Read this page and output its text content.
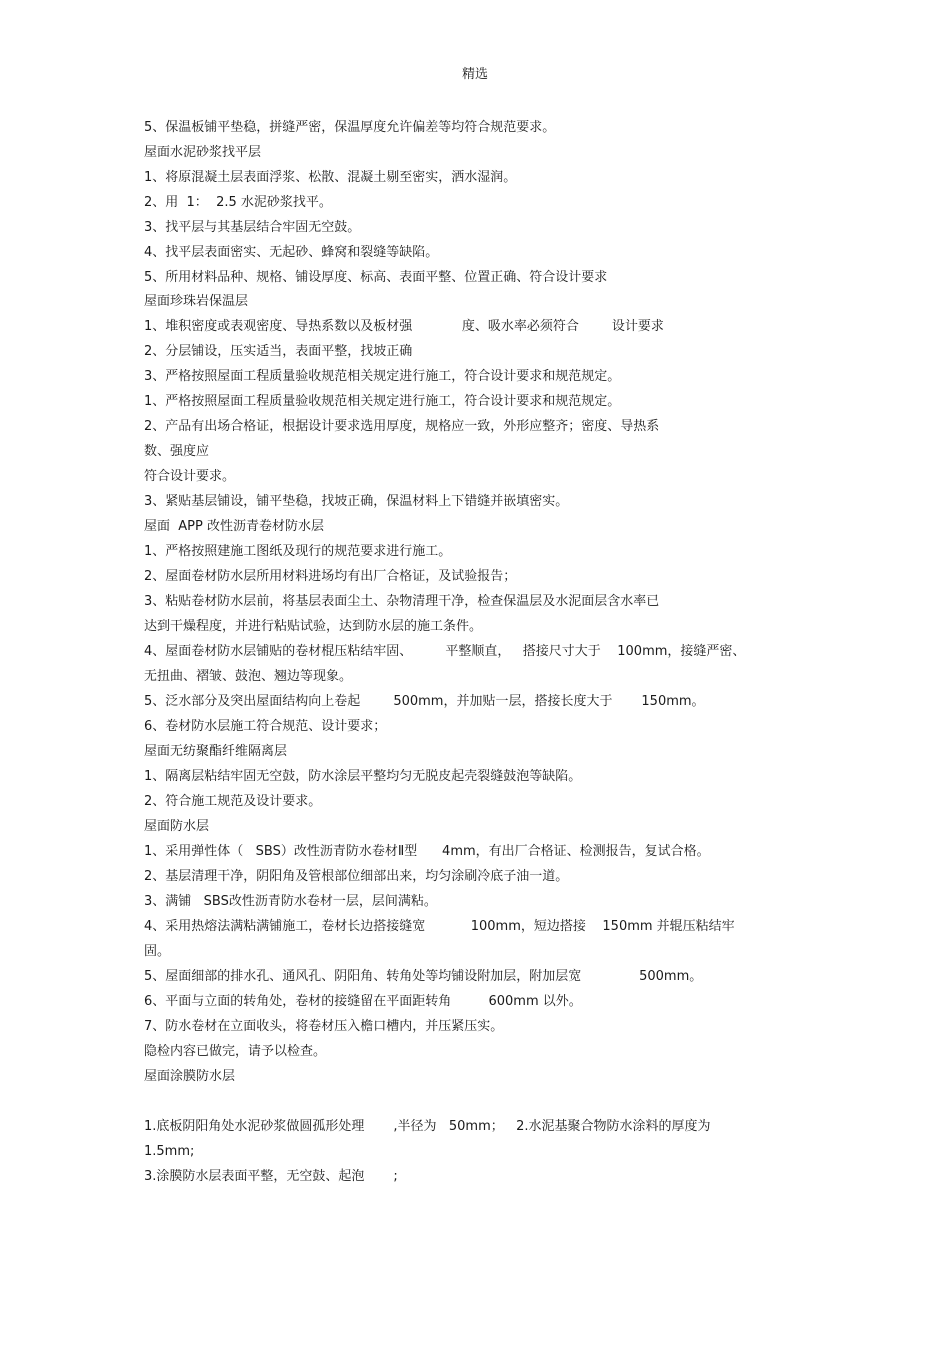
精选
5、保温板铺平垫稳，拼缝严密，保温厚度允许偏差等均符合规范要求。
屋面水泥砂浆找平层
1、将原混凝土层表面浮浆、松散、混凝土剔至密实，洒水湿润。
2、用  1：  2.5 水泥砂浆找平。
3、找平层与其基层结合牢固无空鼓。
4、找平层表面密实、无起砂、蜂窝和裂缝等缺陷。
5、所用材料品种、规格、铺设厚度、标高、表面平整、位置正确、符合设计要求
屋面珍珠岩保温层
1、堆积密度或表观密度、导热系数以及板材强            度、吸水率必须符合        设计要求
2、分层铺设，压实适当，表面平整，找坡正确
3、严格按照屋面工程质量验收规范相关规定进行施工，符合设计要求和规范规定。
1、严格按照屋面工程质量验收规范相关规定进行施工，符合设计要求和规范规定。
2、产品有出场合格证，根据设计要求选用厚度，规格应一致，外形应整齐；密度、导热系
数、强度应
符合设计要求。
3、紧贴基层铺设，铺平垫稳，找坡正确，保温材料上下错缝并嵌填密实。
屋面  APP 改性沥青卷材防水层
1、严格按照建施工图纸及现行的规范要求进行施工。
2、屋面卷材防水层所用材料进场均有出厂合格证，及试验报告；
3、粘贴卷材防水层前，将基层表面尘土、杂物清理干净，检查保温层及水泥面层含水率已
达到干燥程度，并进行粘贴试验，达到防水层的施工条件。
4、屋面卷材防水层铺贴的卷材棍压粘结牢固、        平整顺直，   搭接尺寸大于    100mm，接缝严密、
无扭曲、褶皱、鼓泡、翘边等现象。
5、泛水部分及突出屋面结构向上卷起        500mm，并加贴一层，搭接长度大于       150mm。
6、卷材防水层施工符合规范、设计要求；
屋面无纺聚酯纤维隔离层
1、隔离层粘结牢固无空鼓，防水涂层平整均匀无脱皮起壳裂缝鼓泡等缺陷。
2、符合施工规范及设计要求。
屋面防水层
1、采用弹性体（   SBS）改性沥青防水卷材Ⅱ型      4mm，有出厂合格证、检测报告，复试合格。
2、基层清理干净，阴阳角及管根部位细部出来，均匀涂刷冷底子油一道。
3、满铺   SBS改性沥青防水卷材一层，层间满粘。
4、采用热熔法满粘满铺施工，卷材长边搭接缝宽           100mm，短边搭接    150mm 并辊压粘结牢
固。
5、屋面细部的排水孔、通风孔、阴阳角、转角处等均铺设附加层，附加层宽              500mm。
6、平面与立面的转角处，卷材的接缝留在平面距转角         600mm 以外。
7、防水卷材在立面收头，将卷材压入檐口槽内，并压紧压实。
隐检内容已做完，请予以检查。
屋面涂膜防水层
1.底板阴阳角处水泥砂浆做圆孤形处理       ,半径为   50mm；   2.水泥基聚合物防水涂料的厚度为
1.5mm;
3.涂膜防水层表面平整，无空鼓、起泡       ;
